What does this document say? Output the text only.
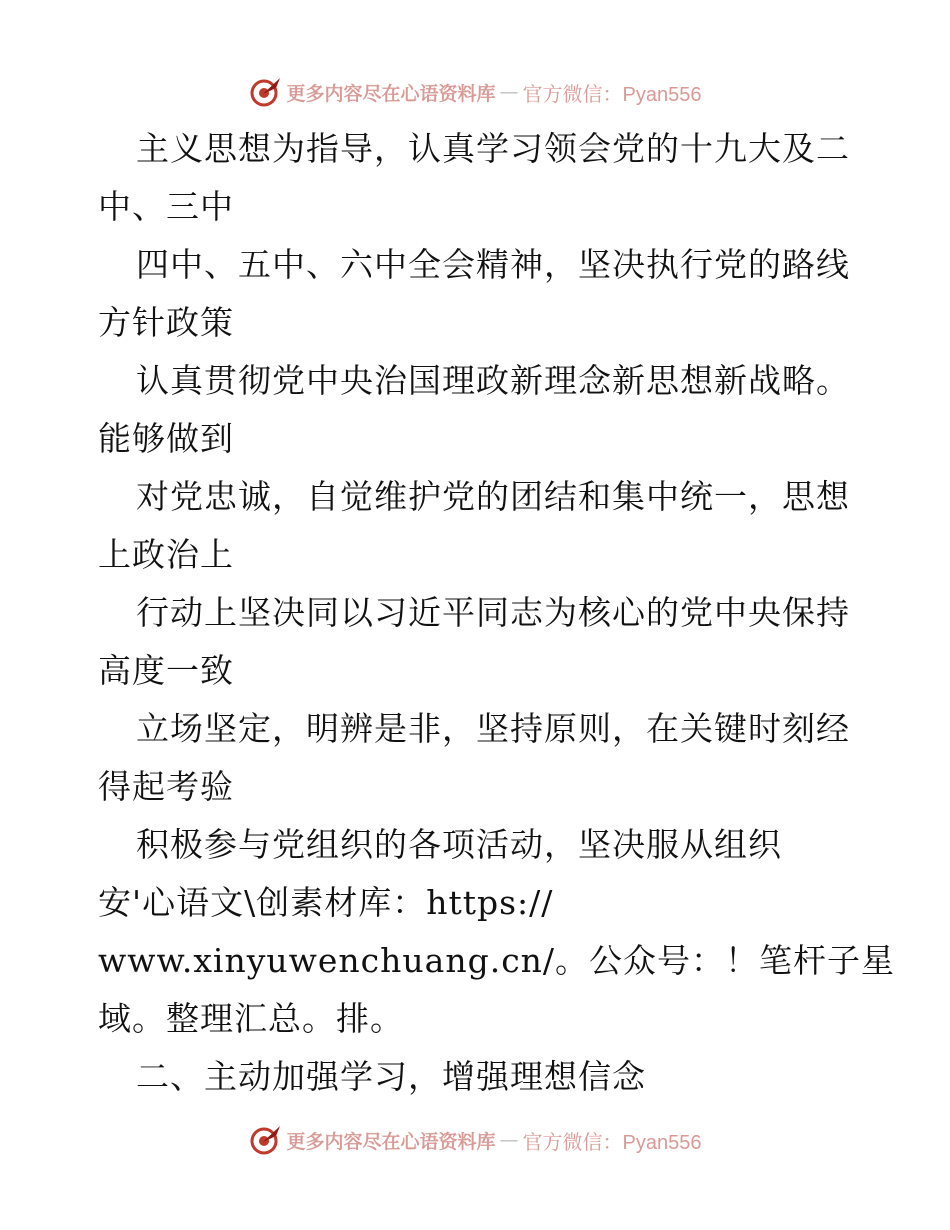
更多内容尽在心语资料库 — 官方微信：Pyan556
主义思想为指导，认真学习领会党的十九大及二
中、三中
四中、五中、六中全会精神，坚决执行党的路线
方针政策
认真贯彻党中央治国理政新理念新思想新战略。
能够做到
对党忠诚，自觉维护党的团结和集中统一，思想
上政治上
行动上坚决同以习近平同志为核心的党中央保持
高度一致
立场坚定，明辨是非，坚持原则，在关键时刻经
得起考验
积极参与党组织的各项活动，坚决服从组织
安'心语文\创素材库：https://
www.xinyuwenchuang.cn/。公众号：！笔杆子星
域。整理汇总。排。
二、主动加强学习，增强理想信念
更多内容尽在心语资料库 — 官方微信：Pyan556
